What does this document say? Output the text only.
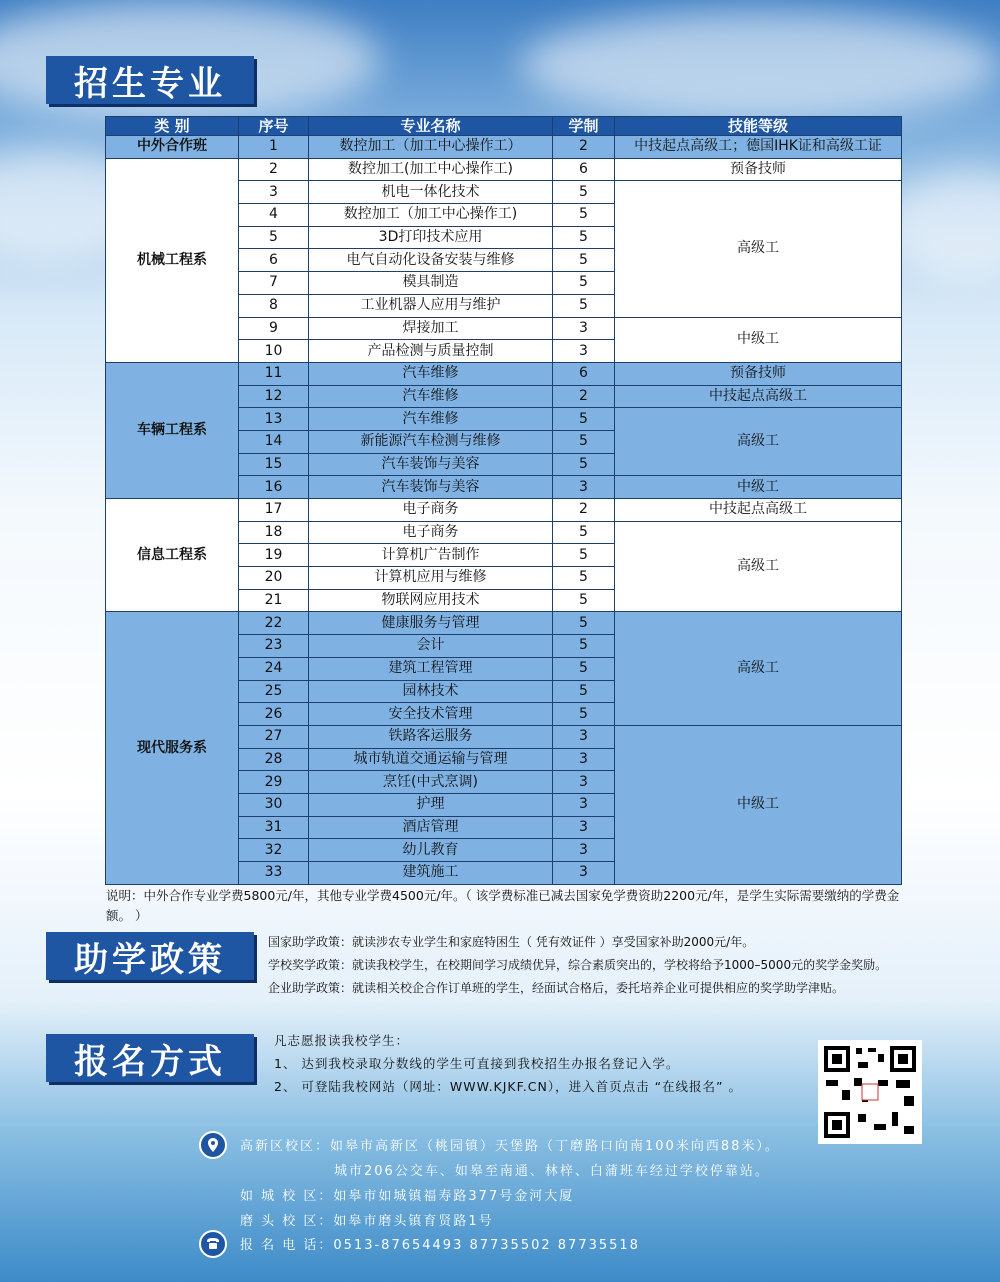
招生专业
类 别	序号	专业名称	学制	技能等级
中外合作班	1	数控加工（加工中心操作工）	2	中技起点高级工；德国IHK证和高级工证
机械工程系	2	数控加工(加工中心操作工)	6	预备技师
	3	机电一体化技术	5	高级工
	4	数控加工（加工中心操作工)	5	
	5	3D打印技术应用	5	
	6	电气自动化设备安装与维修	5	
	7	模具制造	5	
	8	工业机器人应用与维护	5	
	9	焊接加工	3	中级工
	10	产品检测与质量控制	3	
车辆工程系	11	汽车维修	6	预备技师
	12	汽车维修	2	中技起点高级工
	13	汽车维修	5	高级工
	14	新能源汽车检测与维修	5	
	15	汽车装饰与美容	5	
	16	汽车装饰与美容	3	中级工
信息工程系	17	电子商务	2	中技起点高级工
	18	电子商务	5	高级工
	19	计算机广告制作	5	
	20	计算机应用与维修	5	
	21	物联网应用技术	5	
现代服务系	22	健康服务与管理	5	高级工
	23	会计	5	
	24	建筑工程管理	5	
	25	园林技术	5	
	26	安全技术管理	5	
	27	铁路客运服务	3	中级工
	28	城市轨道交通运输与管理	3	
	29	烹饪(中式烹调)	3	
	30	护理	3	
	31	酒店管理	3	
	32	幼儿教育	3	
	33	建筑施工	3	
说明：中外合作专业学费5800元/年，其他专业学费4500元/年。（ 该学费标准已减去国家免学费资助2200元/年，是学生实际需要缴纳的学费金额。 ）
助学政策	国家助学政策：就读涉农专业学生和家庭特困生（ 凭有效证件 ）享受国家补助2000元/年。
学校奖学政策：就读我校学生，在校期间学习成绩优异，综合素质突出的，学校将给予1000–5000元的奖学金奖励。
企业助学政策：就读相关校企合作订单班的学生，经面试合格后，委托培养企业可提供相应的奖学助学津贴。
报名方式
凡志愿报读我校学生：
1、 达到我校录取分数线的学生可直接到我校招生办报名登记入学。
2、 可登陆我校网站（网址：WWW.KJKF.CN），进入首页点击 “在线报名” 。
高新区校区：如皋市高新区（桃园镇）天堡路（丁磨路口向南100米向西88米）。
城市206公交车、如皋至南通、林梓、白蒲班车经过学校停靠站。
如 城 校 区：如皋市如城镇福寿路377号金河大厦
磨 头 校 区：如皋市磨头镇育贤路1号
报 名 电 话：0513-87654493 87735502 87735518
